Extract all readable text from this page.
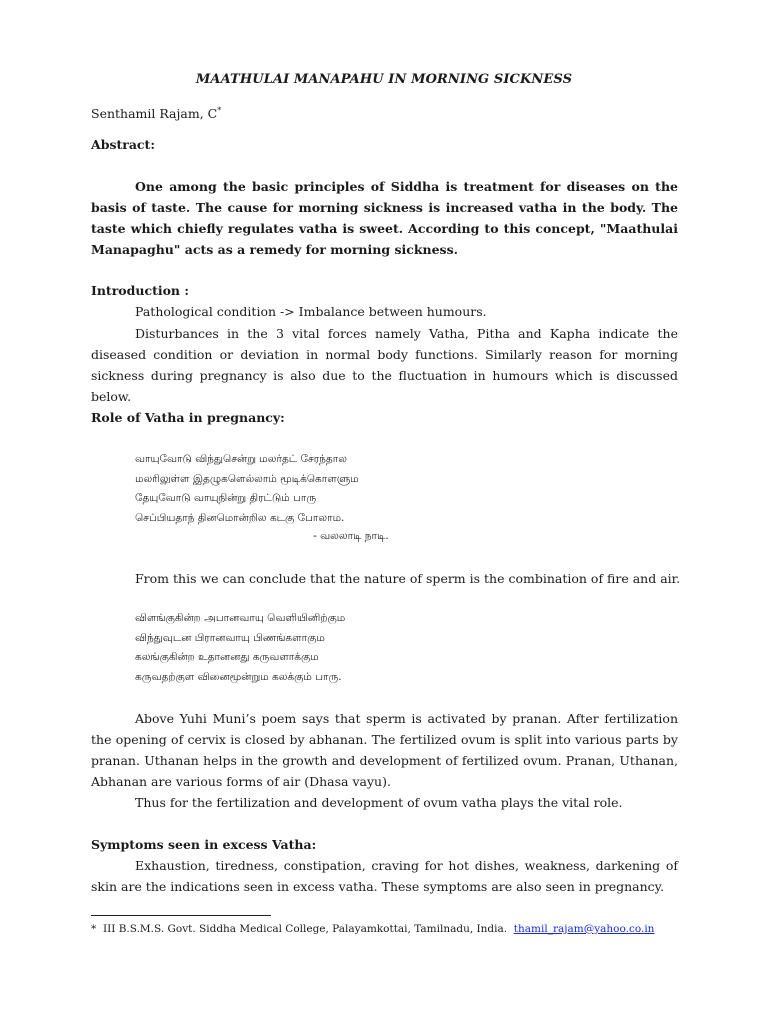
MAATHULAI MANAPAHU IN MORNING SICKNESS
Senthamil Rajam, C*
Abstract:
One among the basic principles of Siddha is treatment for diseases on the basis of taste. The cause for morning sickness is increased vatha in the body. The taste which chiefly regulates vatha is sweet. According to this concept, "Maathulai Manapaghu" acts as a remedy for morning sickness.
Introduction :
Pathological condition -> Imbalance between humours.
Disturbances in the 3 vital forces namely Vatha, Pitha and Kapha indicate the diseased condition or deviation in normal body functions. Similarly reason for morning sickness during pregnancy is also due to the fluctuation in humours which is discussed below.
Role of Vatha in pregnancy:
வாயுவோடு விந்துசென்று மலர்தட் சேரந்தால
மலரிலுள்ள இதழுகளெல்லாம் மூடிக்கொளளும
தேயுவோடு வாயுநின்று திரட்டும் பாரு
செப்பியதாந் தினமொன்றில கடகு போலாம.
- வலலாடி நாடி.
From this we can conclude that the nature of sperm is the combination of fire and air.
விளங்குகின்ற அபானவாயு வெளியினிற்கும
விந்துவுடன பிரானவாயு பிணங்களாகும
கலங்குகின்ற உதானனது கருவளாக்கும
கருவதற்குள வினைமூன்றும கலக்கும் பாரு.
Above Yuhi Muni’s poem says that sperm is activated by pranan. After fertilization the opening of cervix is closed by abhanan. The fertilized ovum is split into various parts by pranan. Uthanan helps in the growth and development of fertilized ovum. Pranan, Uthanan, Abhanan are various forms of air (Dhasa vayu).
Thus for the fertilization and development of ovum vatha plays the vital role.
Symptoms seen in excess Vatha:
Exhaustion, tiredness, constipation, craving for hot dishes, weakness, darkening of skin are the indications seen in excess vatha. These symptoms are also seen in pregnancy.
* III B.S.M.S. Govt. Siddha Medical College, Palayamkottai, Tamilnadu, India. thamil_rajam@yahoo.co.in
